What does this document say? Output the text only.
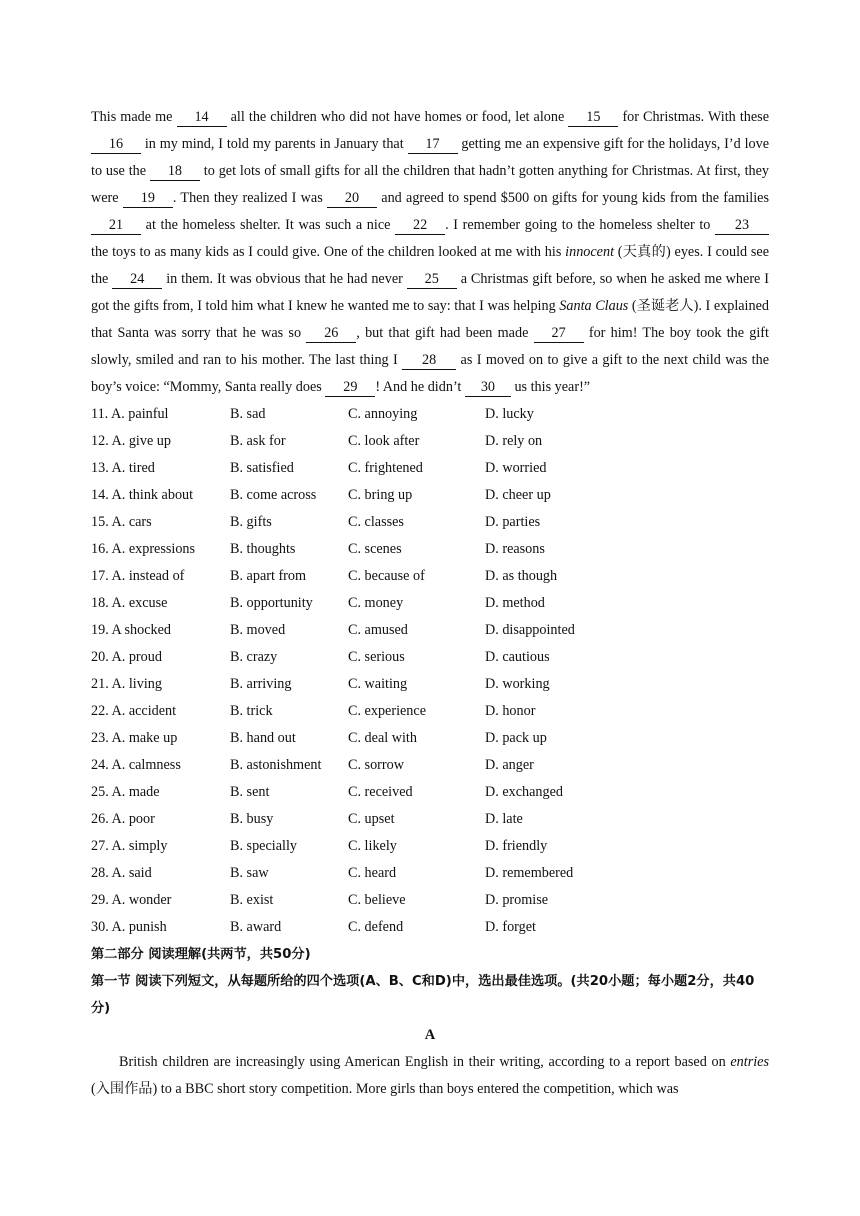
This made me 14 all the children who did not have homes or food, let alone 15 for Christmas. With these 16 in my mind, I told my parents in January that 17 getting me an expensive gift for the holidays, I’d love to use the 18 to get lots of small gifts for all the children that hadn’t gotten anything for Christmas. At first, they were 19 . Then they realized I was 20 and agreed to spend $500 on gifts for young kids from the families 21 at the homeless shelter. It was such a nice 22 . I remember going to the homeless shelter to 23 the toys to as many kids as I could give. One of the children looked at me with his innocent (天真的) eyes. I could see the 24 in them. It was obvious that he had never 25 a Christmas gift before, so when he asked me where I got the gifts from, I told him what I knew he wanted me to say: that I was helping Santa Claus (圣诞老人). I explained that Santa was sorry that he was so 26 , but that gift had been made 27 for him! The boy took the gift slowly, smiled and ran to his mother. The last thing I 28 as I moved on to give a gift to the next child was the boy’s voice: “Mommy, Santa really does 29 ! And he didn’t 30 us this year!”

11. A. painful	B. sad	C. annoying	D. lucky
12. A. give up	B. ask for	C. look after	D. rely on
13. A. tired	B. satisfied	C. frightened	D. worried
14. A. think about	B. come across	C. bring up	D. cheer up
15. A. cars	B. gifts	C. classes	D. parties
16. A. expressions	B. thoughts	C. scenes	D. reasons
17. A. instead of	B. apart from	C. because of	D. as though
18. A. excuse	B. opportunity	C. money	D. method
19. A shocked	B. moved	C. amused	D. disappointed
20. A. proud	B. crazy	C. serious	D. cautious
21. A. living	B. arriving	C. waiting	D. working
22. A. accident	B. trick	C. experience	D. honor
23. A. make up	B. hand out	C. deal with	D. pack up
24. A. calmness	B. astonishment	C. sorrow	D. anger
25. A. made	B. sent	C. received	D. exchanged
26. A. poor	B. busy	C. upset	D. late
27. A. simply	B. specially	C. likely	D. friendly
28. A. said	B. saw	C. heard	D. remembered
29. A. wonder	B. exist	C. believe	D. promise
30. A. punish	B. award	C. defend	D. forget

第二部分 阅读理解(共两节，共50分)

第一节 阅读下列短文，从每题所给的四个选项(A、B、C和D)中，选出最佳选项。(共20小题；每小题2分，共40分)

A

British children are increasingly using American English in their writing, according to a report based on entries (入围作品) to a BBC short story competition. More girls than boys entered the competition, which was
